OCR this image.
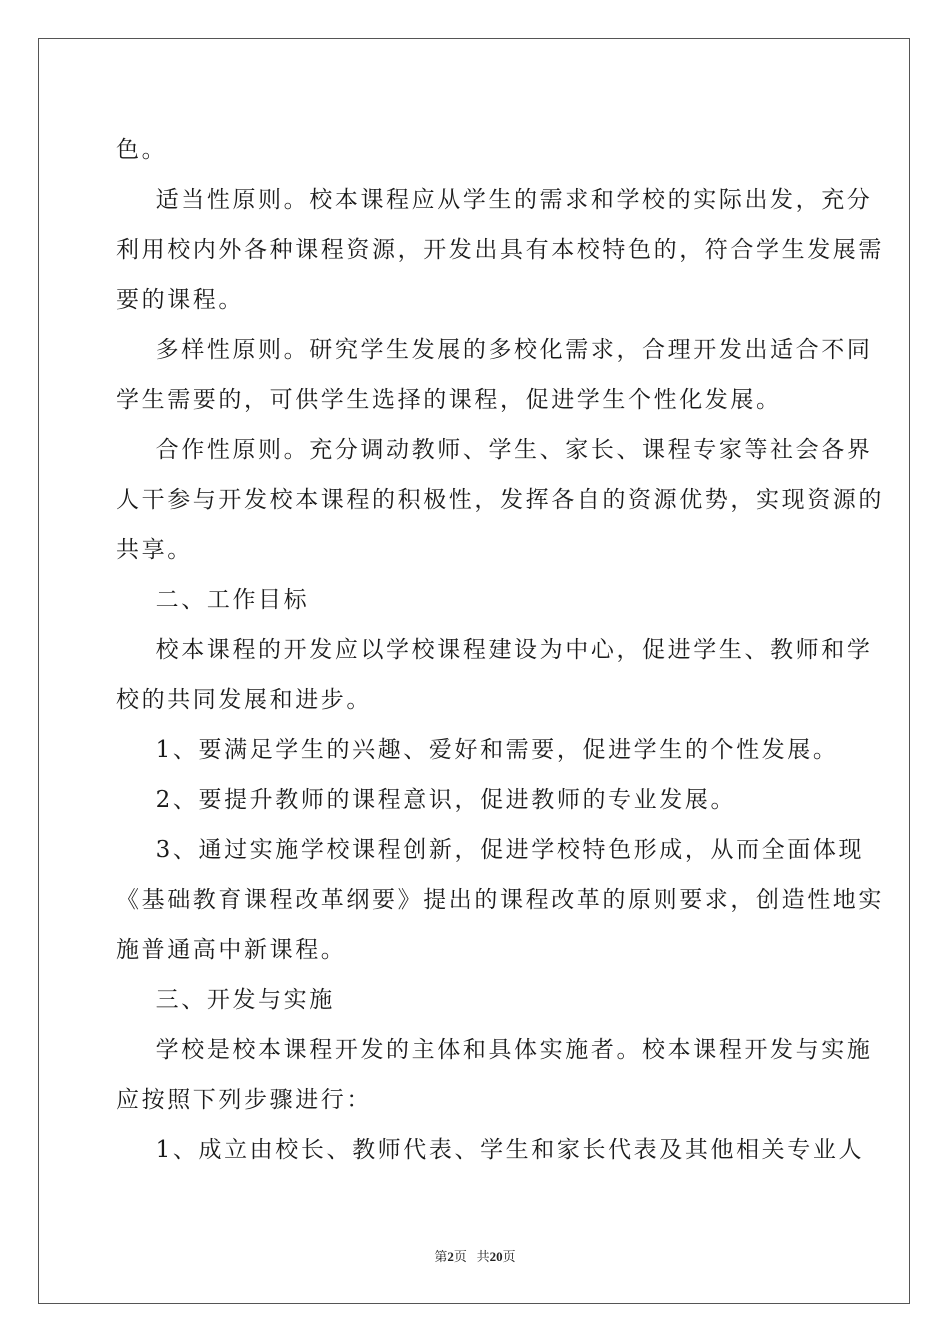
色。
适当性原则。校本课程应从学生的需求和学校的实际出发，充分
利用校内外各种课程资源，开发出具有本校特色的，符合学生发展需
要的课程。
多样性原则。研究学生发展的多校化需求，合理开发出适合不同
学生需要的，可供学生选择的课程，促进学生个性化发展。
合作性原则。充分调动教师、学生、家长、课程专家等社会各界
人干参与开发校本课程的积极性，发挥各自的资源优势，实现资源的
共享。
二、工作目标
校本课程的开发应以学校课程建设为中心，促进学生、教师和学
校的共同发展和进步。
1、要满足学生的兴趣、爱好和需要，促进学生的个性发展。
2、要提升教师的课程意识，促进教师的专业发展。
3、通过实施学校课程创新，促进学校特色形成，从而全面体现
《基础教育课程改革纲要》提出的课程改革的原则要求，创造性地实
施普通高中新课程。
三、开发与实施
学校是校本课程开发的主体和具体实施者。校本课程开发与实施
应按照下列步骤进行：
1、成立由校长、教师代表、学生和家长代表及其他相关专业人
第2页 共20页
